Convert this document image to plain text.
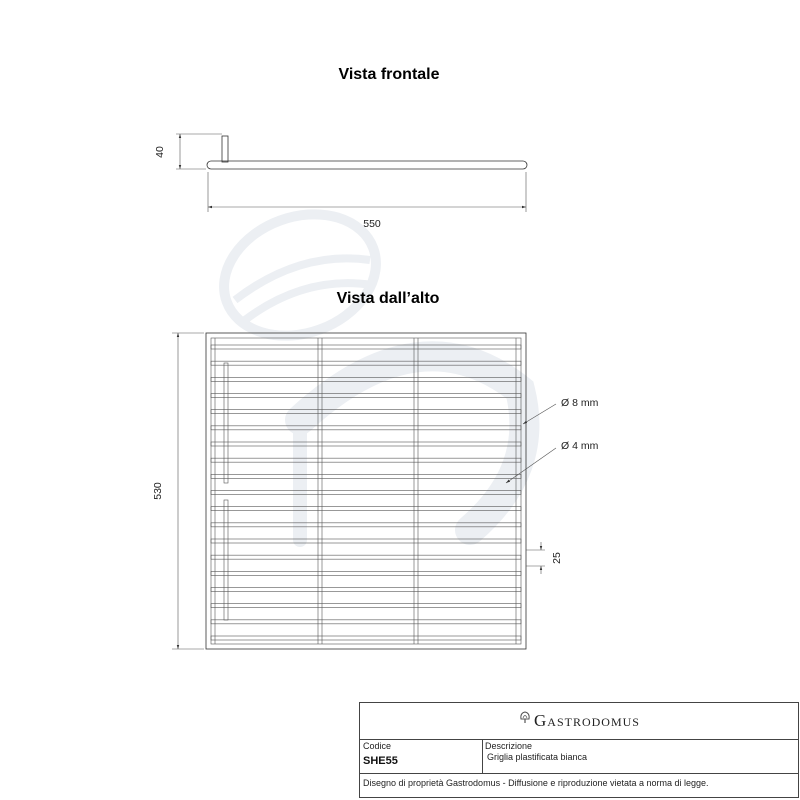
Vista frontale
40
550
Vista dall’alto
530
Ø 8 mm
Ø 4 mm
25
Gastrodomus
Codice
SHE55
Descrizione
Griglia plastificata bianca
Disegno di proprietà Gastrodomus - Diffusione e riproduzione vietata a norma di legge.
